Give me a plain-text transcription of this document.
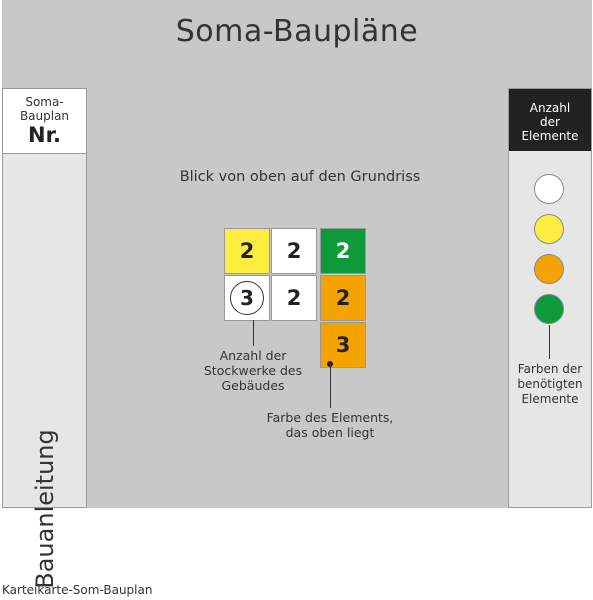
Soma-Baupläne
Soma-
Bauplan
Nr.
Bauanleitung
Anzahl
der
Elemente
Farben der
benötigten
Elemente
Blick von oben auf den Grundriss
2	2	2
3	2	2
3
Anzahl der
Stockwerke des
Gebäudes
Farbe des Elements,
das oben liegt
Karteikarte-Som-Bauplan
